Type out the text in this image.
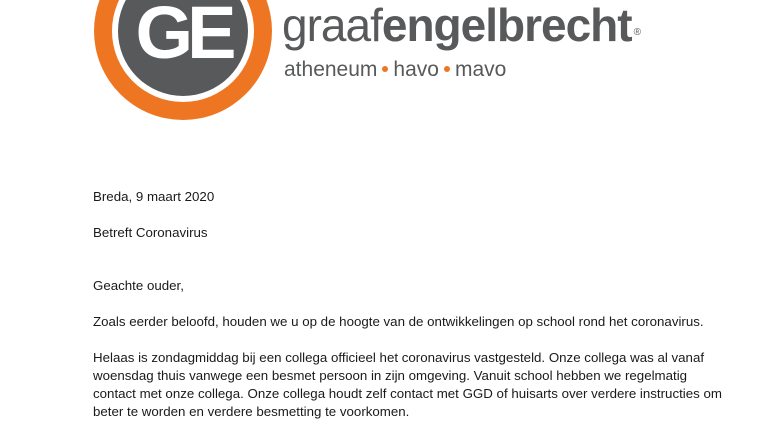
GE graafengelbrecht ®
atheneum havo mavo

Breda, 9 maart 2020

Betreft Coronavirus

Geachte ouder,

Zoals eerder beloofd, houden we u op de hoogte van de ontwikkelingen op school rond het coronavirus.

Helaas is zondagmiddag bij een collega officieel het coronavirus vastgesteld. Onze collega was al vanaf woensdag thuis vanwege een besmet persoon in zijn omgeving. Vanuit school hebben we regelmatig contact met onze collega. Onze collega houdt zelf contact met GGD of huisarts over verdere instructies om beter te worden en verdere besmetting te voorkomen.
